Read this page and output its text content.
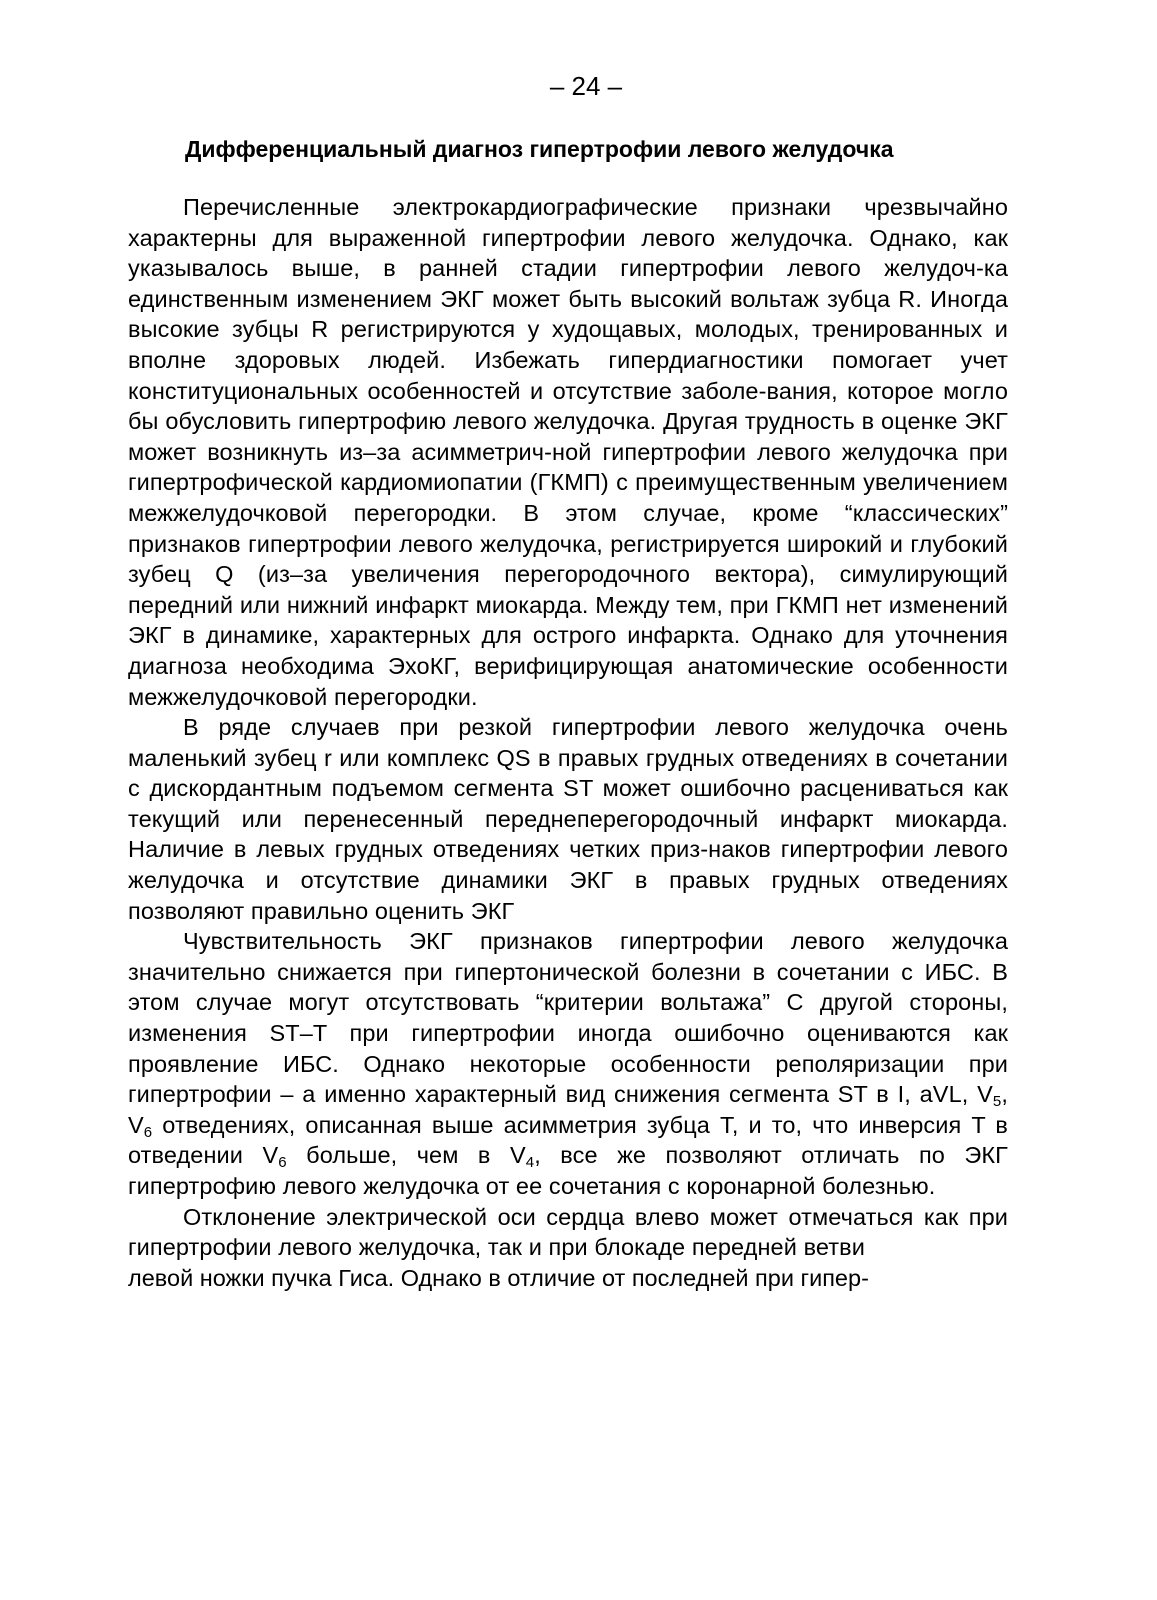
– 24 –
Дифференциальный диагноз гипертрофии левого желудочка

Перечисленные электрокардиографические признаки чрезвычайно характерны для выраженной гипертрофии левого желудочка. Однако, как указывалось выше, в ранней стадии гипертрофии левого желудоч-ка единственным изменением ЭКГ может быть высокий вольтаж зубца R. Иногда высокие зубцы R регистрируются у худощавых, молодых, тренированных и вполне здоровых людей. Избежать гипердиагностики помогает учет конституциональных особенностей и отсутствие заболе-вания, которое могло бы обусловить гипертрофию левого желудочка. Другая трудность в оценке ЭКГ может возникнуть из–за асимметрич-ной гипертрофии левого желудочка при гипертрофической кардиомиопатии (ГКМП) с преимущественным увеличением межжелудочковой перегородки. В этом случае, кроме “классических” признаков гипертрофии левого желудочка, регистрируется широкий и глубокий зубец Q (из–за увеличения перегородочного вектора), симулирующий передний или нижний инфаркт миокарда. Между тем, при ГКМП нет изменений ЭКГ в динамике, характерных для острого инфаркта. Однако для уточнения диагноза необходима ЭхоКГ, верифицирующая анатомические особенности межжелудочковой перегородки.

В ряде случаев при резкой гипертрофии левого желудочка очень маленький зубец r или комплекс QS в правых грудных отведениях в сочетании с дискордантным подъемом сегмента ST может ошибочно расцениваться как текущий или перенесенный переднеперегородочный инфаркт миокарда. Наличие в левых грудных отведениях четких приз-наков гипертрофии левого желудочка и отсутствие динамики ЭКГ в правых грудных отведениях позволяют правильно оценить ЭКГ

Чувствительность ЭКГ признаков гипертрофии левого желудочка значительно снижается при гипертонической болезни в сочетании с ИБС. В этом случае могут отсутствовать “критерии вольтажа” С другой стороны, изменения ST–T при гипертрофии иногда ошибочно оцениваются как проявление ИБС. Однако некоторые особенности реполяризации при гипертрофии – а именно характерный вид снижения сегмента ST в I, aVL, $V_5$, $V_6$ отведениях, описанная выше асимметрия зубца T, и то, что инверсия T в отведении $V_6$ больше, чем в $V_4$, все же позволяют отличать по ЭКГ гипертрофию левого желудочка от ее сочетания с коронарной болезнью.

Отклонение электрической оси сердца влево может отмечаться как при гипертрофии левого желудочка, так и при блокаде передней ветви

левой ножки пучка Гиса. Однако в отличие от последней при гипер-
